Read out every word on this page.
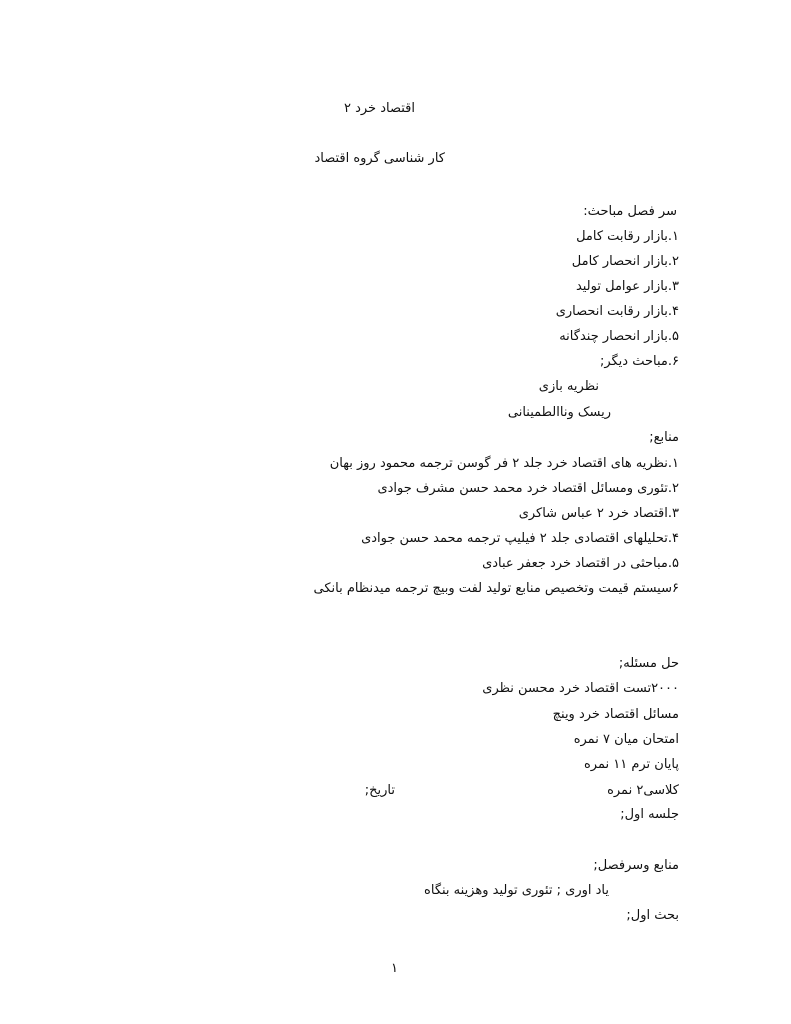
اقتصاد خرد ۲
کار شناسی گروه اقتصاد
سر فصل مباحث:
۱.بازار رقابت کامل
۲.بازار انحصار کامل
۳.بازار عوامل تولید
۴.بازار رقابت انحصاری
۵.بازار انحصار چندگانه
۶.مباحث دیگر;
نظریه بازی
ریسک وناالطمینانی
منابع;
۱.نظریه های اقتصاد خرد جلد ۲ فر گوسن ترجمه محمود روز بهان
۲.تئوری ومسائل اقتصاد خرد محمد حسن مشرف جوادی
۳.اقتصاد خرد ۲ عباس شاکری
۴.تحلیلهای اقتصادی جلد ۲ فیلیپ ترجمه محمد حسن جوادی
۵.مباحثی در اقتصاد خرد جعفر عبادی
۶سیستم قیمت وتخصیص منابع تولید لفت وبیچ ترجمه میدنظام بانکی
حل مسئله;
۲۰۰۰تست اقتصاد خرد محسن نظری
مسائل اقتصاد خرد وینچ
امتحان میان ۷ نمره
پایان ترم ۱۱ نمره
کلاسی۲ نمره
تاریخ;
جلسه اول;
منابع وسرفصل;
یاد اوری ; تئوری تولید وهزینه بنگاه
بحث اول;
۱
